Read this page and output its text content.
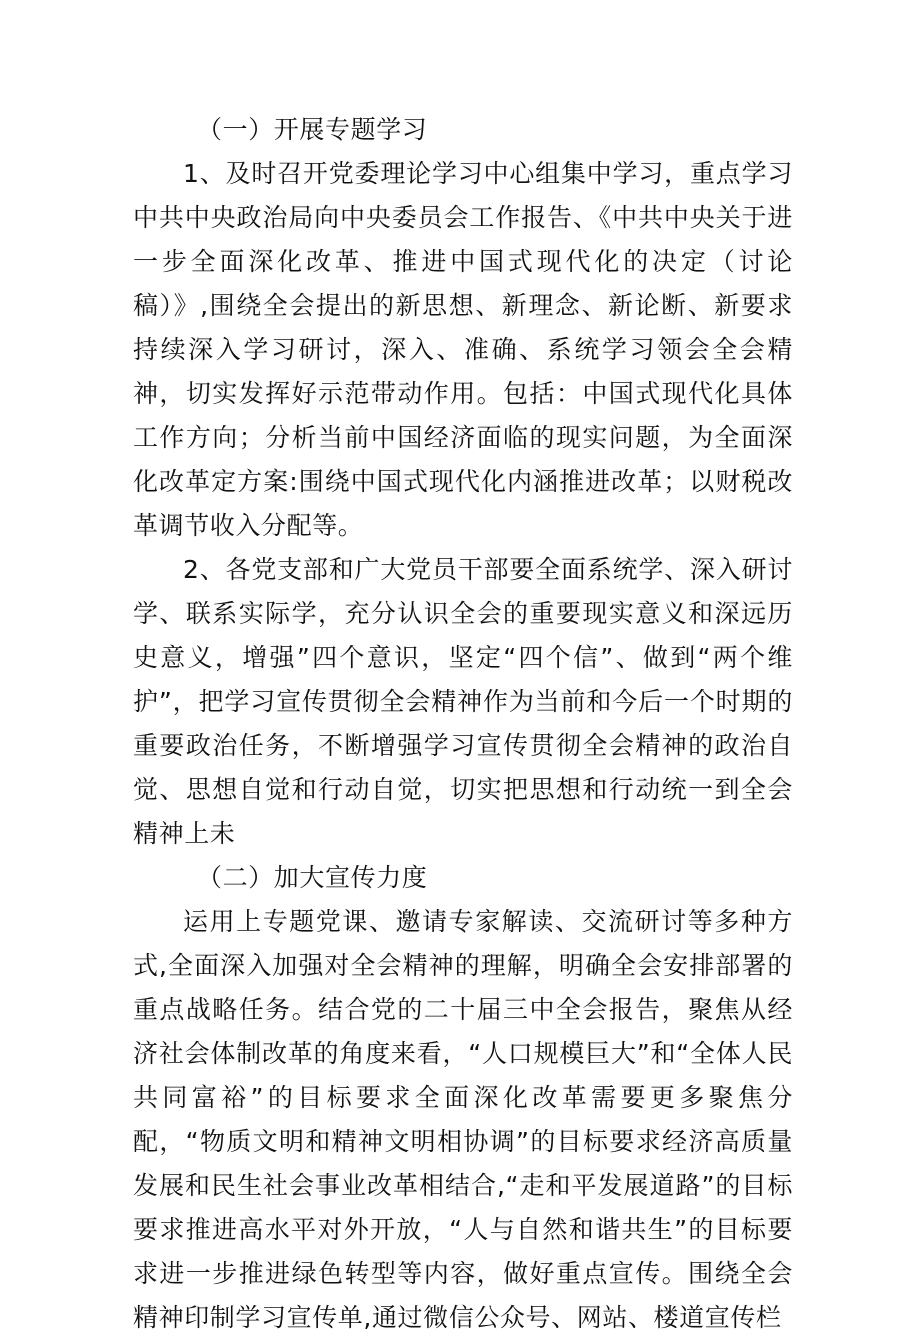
（一）开展专题学习

1、及时召开党委理论学习中心组集中学习，重点学习中共中央政治局向中央委员会工作报告、《中共中央关于进一步全面深化改革、推进中国式现代化的决定（讨论稿）》,围绕全会提出的新思想、新理念、新论断、新要求持续深入学习研讨，深入、准确、系统学习领会全会精神，切实发挥好示范带动作用。包括：中国式现代化具体工作方向；分析当前中国经济面临的现实问题，为全面深化改革定方案:围绕中国式现代化内涵推进改革；以财税改革调节收入分配等。

2、各党支部和广大党员干部要全面系统学、深入研讨学、联系实际学，充分认识全会的重要现实意义和深远历史意义，增强”四个意识，坚定“四个信”、做到“两个维护”，把学习宣传贯彻全会精神作为当前和今后一个时期的重要政治任务，不断增强学习宣传贯彻全会精神的政治自觉、思想自觉和行动自觉，切实把思想和行动统一到全会精神上未

（二）加大宣传力度

运用上专题党课、邀请专家解读、交流研讨等多种方式,全面深入加强对全会精神的理解，明确全会安排部署的重点战略任务。结合党的二十届三中全会报告，聚焦从经济社会体制改革的角度来看，“人口规模巨大”和“全体人民共同富裕”的目标要求全面深化改革需要更多聚焦分配，“物质文明和精神文明相协调”的目标要求经济高质量发展和民生社会事业改革相结合,“走和平发展道路”的目标要求推进高水平对外开放，“人与自然和谐共生”的目标要求进一步推进绿色转型等内容，做好重点宣传。围绕全会精神印制学习宣传单,通过微信公众号、网站、楼道宣传栏
